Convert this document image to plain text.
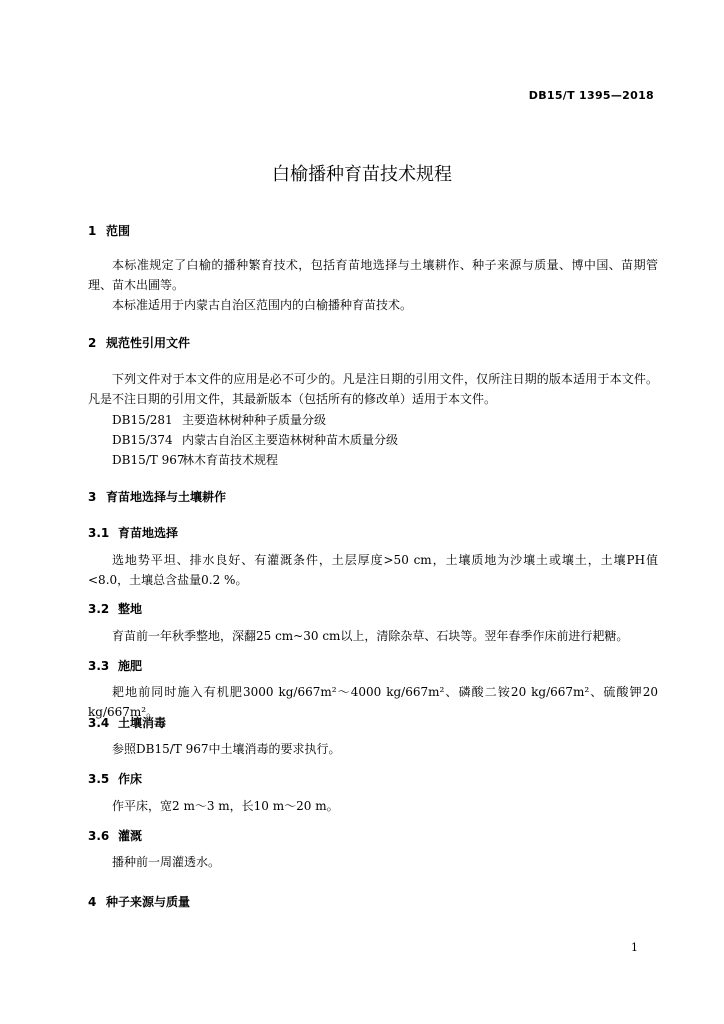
DB15/T 1395—2018
白榆播种育苗技术规程
1 范围
本标准规定了白榆的播种繁育技术，包括育苗地选择与土壤耕作、种子来源与质量、博中国、苗期管理、苗木出圃等。
本标准适用于内蒙古自治区范围内的白榆播种育苗技术。
2 规范性引用文件
下列文件对于本文件的应用是必不可少的。凡是注日期的引用文件，仅所注日期的版本适用于本文件。凡是不注日期的引用文件，其最新版本（包括所有的修改单）适用于本文件。
DB15/281 主要造林树种种子质量分级
DB15/374 内蒙古自治区主要造林树种苗木质量分级
DB15/T 967林木育苗技术规程
3 育苗地选择与土壤耕作
3.1 育苗地选择
选地势平坦、排水良好、有灌溉条件，土层厚度>50 cm，土壤质地为沙壤土或壤土，土壤PH值<8.0，土壤总含盐量0.2 %。
3.2 整地
育苗前一年秋季整地，深翻25 cm~30 cm以上，清除杂草、石块等。翌年春季作床前进行耙糖。
3.3 施肥
耙地前同时施入有机肥3000 kg/667m²～4000 kg/667m²、磷酸二铵20 kg/667m²、硫酸钾20 kg/667m²。
3.4 土壤消毒
参照DB15/T 967中土壤消毒的要求执行。
3.5 作床
作平床，宽2 m～3 m，长10 m～20 m。
3.6 灌溉
播种前一周灌透水。
4 种子来源与质量
1
